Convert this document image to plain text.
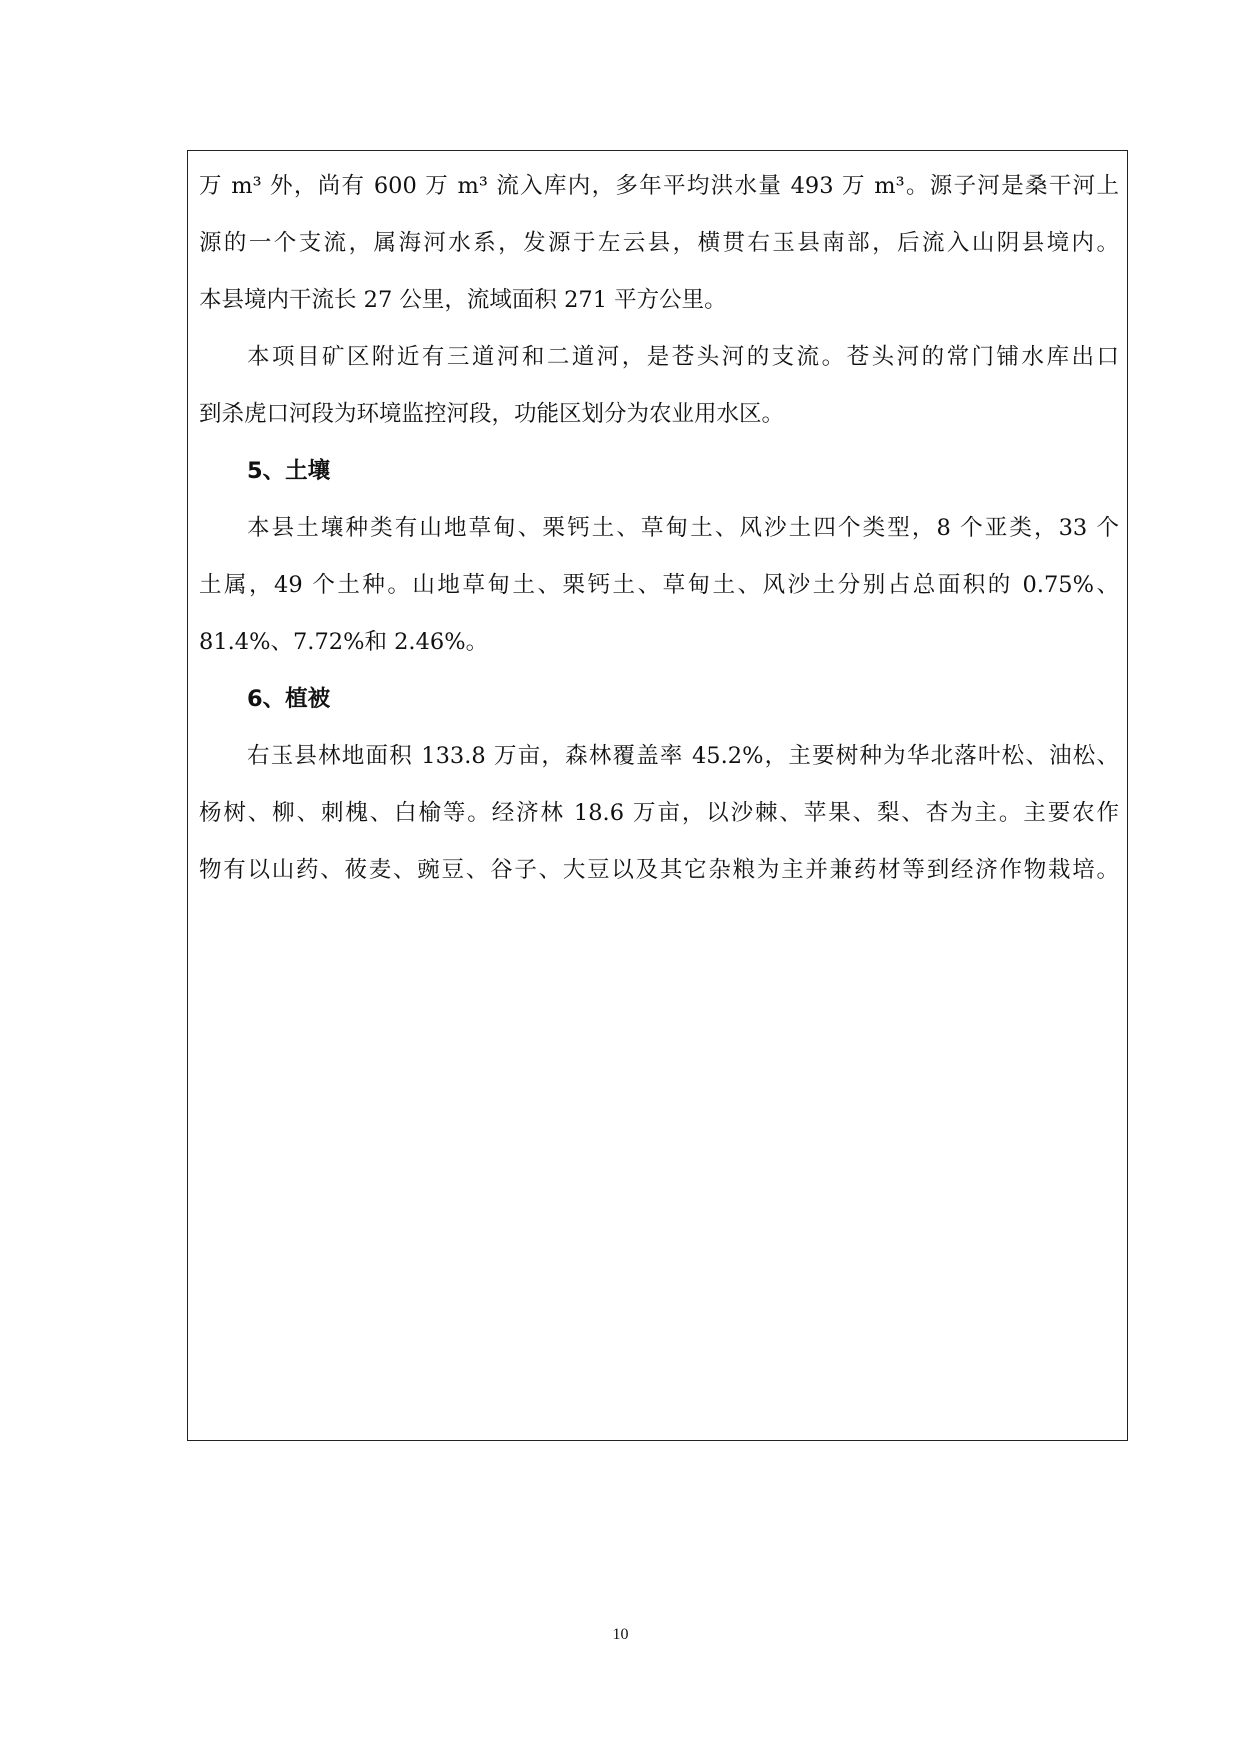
万 m³ 外，尚有 600 万 m³ 流入库内，多年平均洪水量 493 万 m³。源子河是桑干河上
源的一个支流，属海河水系，发源于左云县，横贯右玉县南部，后流入山阴县境内。
本县境内干流长 27 公里，流域面积 271 平方公里。
本项目矿区附近有三道河和二道河，是苍头河的支流。苍头河的常门铺水库出口
到杀虎口河段为环境监控河段，功能区划分为农业用水区。
5、土壤
本县土壤种类有山地草甸、栗钙土、草甸土、风沙土四个类型，8 个亚类，33 个
土属，49 个土种。山地草甸土、栗钙土、草甸土、风沙土分别占总面积的 0.75%、
81.4%、7.72%和 2.46%。
6、植被
右玉县林地面积 133.8 万亩，森林覆盖率 45.2%，主要树种为华北落叶松、油松、
杨树、柳、刺槐、白榆等。经济林 18.6 万亩，以沙棘、苹果、梨、杏为主。主要农作
物有以山药、莜麦、豌豆、谷子、大豆以及其它杂粮为主并兼药材等到经济作物栽培。
10
